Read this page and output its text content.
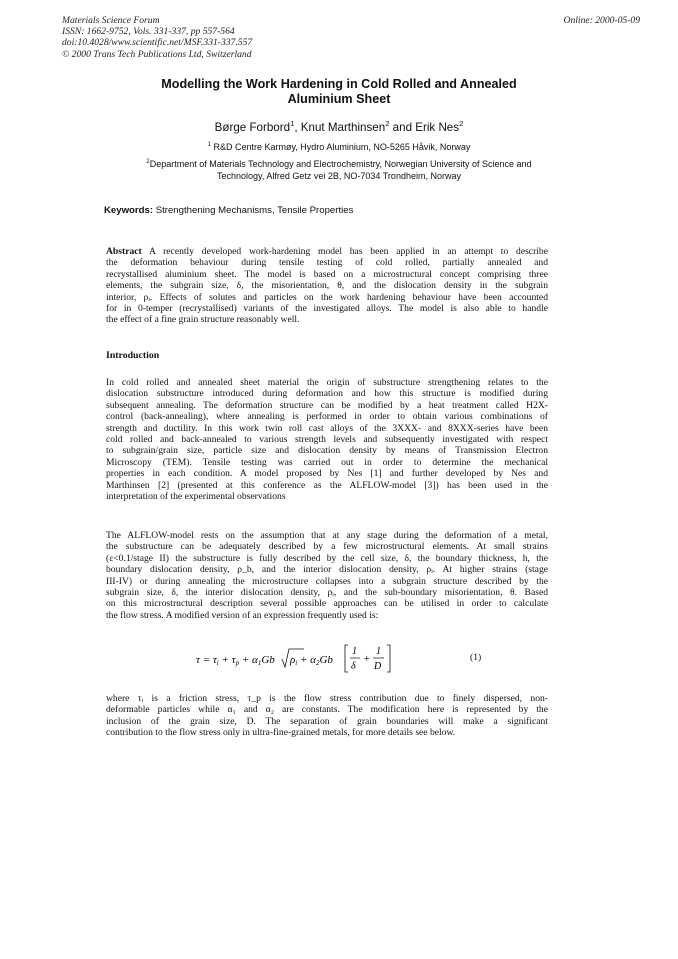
Materials Science Forum
ISSN: 1662-9752, Vols. 331-337, pp 557-564
doi:10.4028/www.scientific.net/MSF.331-337.557
© 2000 Trans Tech Publications Ltd, Switzerland
Online: 2000-05-09
Modelling the Work Hardening in Cold Rolled and Annealed
Aluminium Sheet
Børge Forbord$^1$, Knut Marthinsen$^2$ and Erik Nes$^2$
$^1$ R&D Centre Karmøy, Hydro Aluminium, NO-5265 Håvik, Norway
$^2$Department of Materials Technology and Electrochemistry, Norwegian University of Science and
Technology, Alfred Getz vei 2B, NO-7034 Trondheim, Norway
Keywords: Strengthening Mechanisms, Tensile Properties
Abstract A recently developed work-hardening model has been applied in an attempt to describe
the deformation behaviour during tensile testing of cold rolled, partially annealed and
recrystallised aluminium sheet. The model is based on a microstructural concept comprising three
elements, the subgrain size, δ, the misorientation, θ, and the dislocation density in the subgrain
interior, ρᵢ. Effects of solutes and particles on the work hardening behaviour have been accounted
for in 0-temper (recrystallised) variants of the investigated alloys. The model is also able to handle
the effect of a fine grain structure reasonably well.
Introduction
In cold rolled and annealed sheet material the origin of substructure strengthening relates to the
dislocation substructure introduced during deformation and how this structure is modified during
subsequent annealing. The deformation structure can be modified by a heat treatment called H2X-
control (back-annealing), where annealing is performed in order to obtain various combinations of
strength and ductility. In this work twin roll cast alloys of the 3XXX- and 8XXX-series have been
cold rolled and back-annealed to various strength levels and subsequently investigated with respect
to subgrain/grain size, particle size and dislocation density by means of Transmission Electron
Microscopy (TEM). Tensile testing was carried out in order to determine the mechanical
properties in each condition. A model proposed by Nes [1] and further developed by Nes and
Marthinsen [2] (presented at this conference as the ALFLOW-model [3]) has been used in the
interpretation of the experimental observations
The ALFLOW-model rests on the assumption that at any stage during the deformation of a metal,
the substructure can be adequately described by a few microstructural elements. At small strains
(ε<0.1/stage II) the substructure is fully described by the cell size, δ, the boundary thickness, h, the
boundary dislocation density, ρ_b, and the interior dislocation density, ρᵢ. At higher strains (stage
III-IV) or during annealing the microstructure collapses into a subgrain structure described by the
subgrain size, δ, the interior dislocation density, ρᵢ, and the sub-boundary misorientation, θ. Based
on this microstructural description several possible approaches can be utilised in order to calculate
the flow stress. A modified version of an expression frequently used is:
τ = τi + τp + α1Gb ρi + α2Gb
1
δ
+
1
D
(1)
where τᵢ is a friction stress, τ_p is the flow stress contribution due to finely dispersed, non-
deformable particles while α₁ and α₂ are constants. The modification here is represented by the
inclusion of the grain size, D. The separation of grain boundaries will make a significant
contribution to the flow stress only in ultra-fine-grained metals, for more details see below.
